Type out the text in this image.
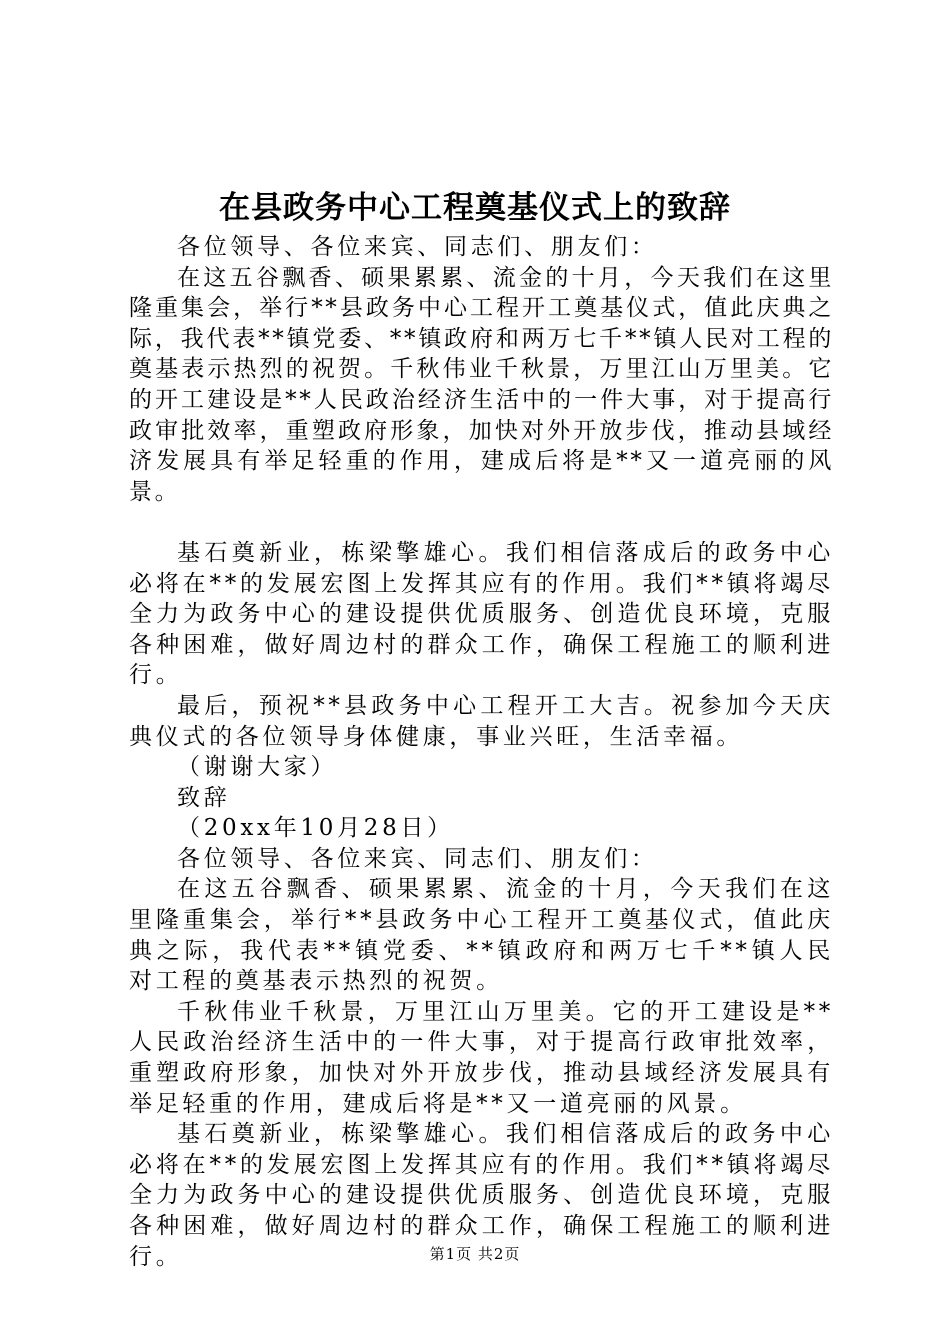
在县政务中心工程奠基仪式上的致辞

各位领导、各位来宾、同志们、朋友们：

在这五谷飘香、硕果累累、流金的十月，今天我们在这里隆重集会，举行**县政务中心工程开工奠基仪式，值此庆典之际，我代表**镇党委、**镇政府和两万七千**镇人民对工程的奠基表示热烈的祝贺。千秋伟业千秋景，万里江山万里美。它的开工建设是**人民政治经济生活中的一件大事，对于提高行政审批效率，重塑政府形象，加快对外开放步伐，推动县域经济发展具有举足轻重的作用，建成后将是**又一道亮丽的风景。

基石奠新业，栋梁擎雄心。我们相信落成后的政务中心必将在**的发展宏图上发挥其应有的作用。我们**镇将竭尽全力为政务中心的建设提供优质服务、创造优良环境，克服各种困难，做好周边村的群众工作，确保工程施工的顺利进行。

最后，预祝**县政务中心工程开工大吉。祝参加今天庆典仪式的各位领导身体健康，事业兴旺，生活幸福。

（谢谢大家）

致辞

（20xx年10月28日）

各位领导、各位来宾、同志们、朋友们：

在这五谷飘香、硕果累累、流金的十月，今天我们在这里隆重集会，举行**县政务中心工程开工奠基仪式，值此庆典之际，我代表**镇党委、**镇政府和两万七千**镇人民对工程的奠基表示热烈的祝贺。

千秋伟业千秋景，万里江山万里美。它的开工建设是**人民政治经济生活中的一件大事，对于提高行政审批效率，重塑政府形象，加快对外开放步伐，推动县域经济发展具有举足轻重的作用，建成后将是**又一道亮丽的风景。

基石奠新业，栋梁擎雄心。我们相信落成后的政务中心必将在**的发展宏图上发挥其应有的作用。我们**镇将竭尽全力为政务中心的建设提供优质服务、创造优良环境，克服各种困难，做好周边村的群众工作，确保工程施工的顺利进行。	第1页 共2页
